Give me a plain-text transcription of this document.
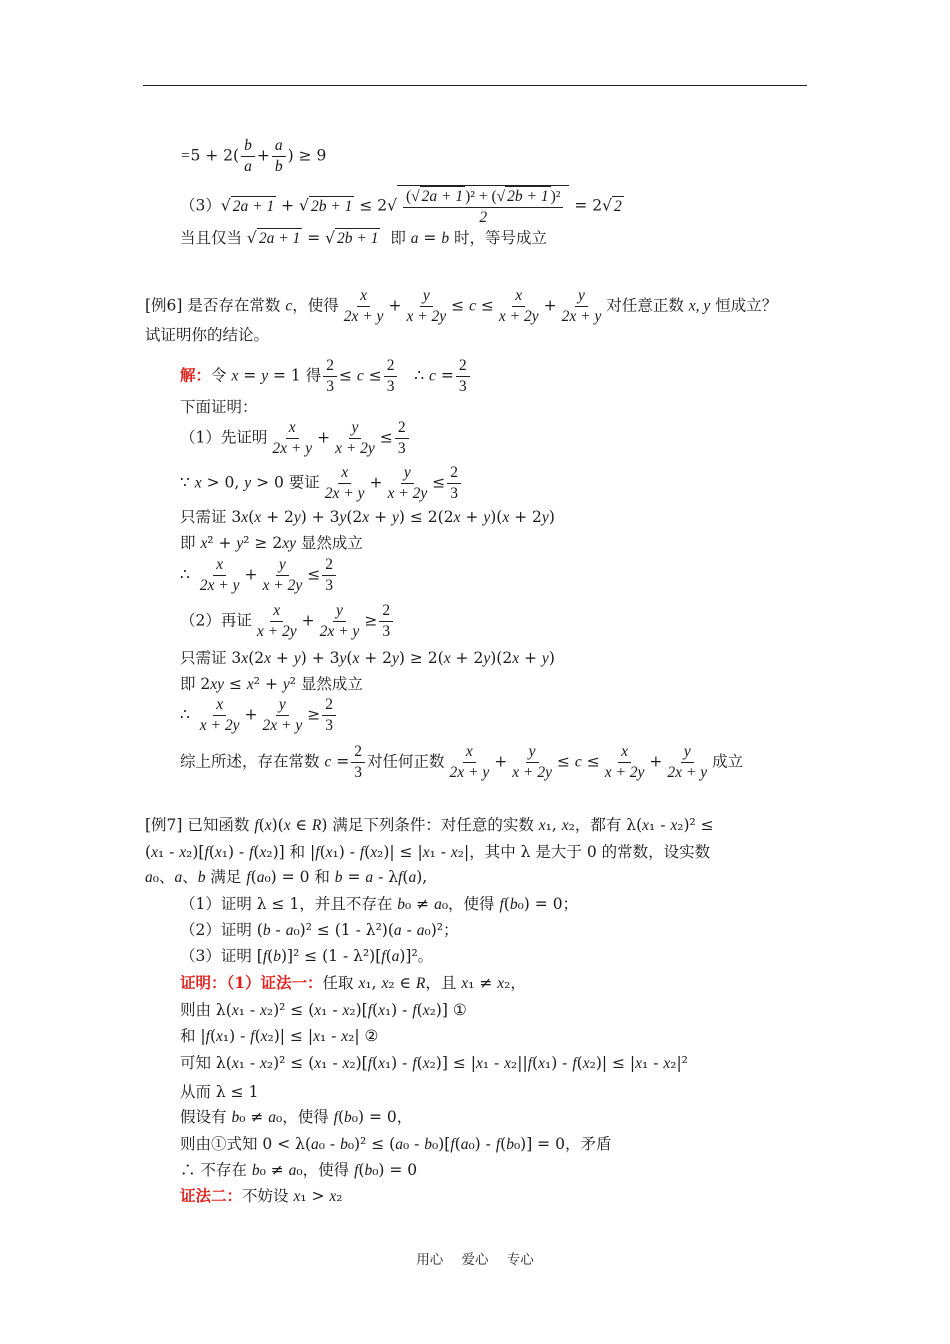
$=5 + 2( \frac{b}{a} + \frac{a}{b}$ ) ≥ 9
（3）√ 2a + 1 + √ $2b + 1 \le 2√ \frac{\text{(√ 2a + 1 )² + (√ 2b + 1 )²}}{2} = 2√$ 2
当且仅当 √ 2a + 1 = √ 2b + 1  即 a = b 时，等号成立
[例6] 是否存在常数 c，使得 $\frac{x}{2x + y} + \frac{y}{x + 2y} \le c \le \frac{x}{x + 2y} + \frac{y}{2x + y}$ 对任意正数 x, y 恒成立？
试证明你的结论。
解：令 x = y = 1 得 $\frac{2}{3} \le c \le \frac{2}{3}$ ∴ $c = \frac{2}{3}$
下面证明：
（1）先证明 $\frac{x}{2x + y} + \frac{y}{x + 2y} \le \frac{2}{3}$
∵ x > 0, y > 0 要证 $\frac{x}{2x + y} + \frac{y}{x + 2y} \le \frac{2}{3}$
只需证 3x(x + 2y) + 3y(2x + y) ≤ 2(2x + y)(x + 2y)
即 x² + y² ≥ 2xy 显然成立
∴ $\frac{x}{2x + y} + \frac{y}{x + 2y} \le \frac{2}{3}$
（2）再证 $\frac{x}{x + 2y} + \frac{y}{2x + y} \ge \frac{2}{3}$
只需证 3x(2x + y) + 3y(x + 2y) ≥ 2(x + 2y)(2x + y)
即 2xy ≤ x² + y² 显然成立
∴ $\frac{x}{x + 2y} + \frac{y}{2x + y} \ge \frac{2}{3}$
综上所述，存在常数 $c = \frac{2}{3}$ 对任何正数 $\frac{x}{2x + y} + \frac{y}{x + 2y} \le c \le \frac{x}{x + 2y} + \frac{y}{2x + y}$ 成立
[例7] 已知函数 f(x)(x ∈ R) 满足下列条件：对任意的实数 x₁, x₂，都有 λ(x₁ - x₂)² ≤
(x₁ - x₂)[f(x₁) - f(x₂)] 和 |f(x₁) - f(x₂)| ≤ |x₁ - x₂|，其中 λ 是大于 0 的常数，设实数
a₀、a、b 满足 f(a₀) = 0 和 b = a - λf(a),
（1）证明 λ ≤ 1，并且不存在 b₀ ≠ a₀，使得 f(b₀) = 0；
（2）证明 (b - a₀)² ≤ (1 - λ²)(a - a₀)²；
（3）证明 [f(b)]² ≤ (1 - λ²)[f(a)]²。
证明：（1）证法一：任取 x₁, x₂ ∈ R，且 x₁ ≠ x₂，
则由 λ(x₁ - x₂)² ≤ (x₁ - x₂)[f(x₁) - f(x₂)] ①
和 |f(x₁) - f(x₂)| ≤ |x₁ - x₂| ②
可知 λ(x₁ - x₂)² ≤ (x₁ - x₂)[f(x₁) - f(x₂)] ≤ |x₁ - x₂||f(x₁) - f(x₂)| ≤ |x₁ - x₂|²
从而 λ ≤ 1
假设有 b₀ ≠ a₀，使得 f(b₀) = 0，
则由①式知 0 < λ(a₀ - b₀)² ≤ (a₀ - b₀)[f(a₀) - f(b₀)] = 0，矛盾
∴ 不存在 b₀ ≠ a₀，使得 f(b₀) = 0
证法二：不妨设 x₁ > x₂
用心 爱心 专心
